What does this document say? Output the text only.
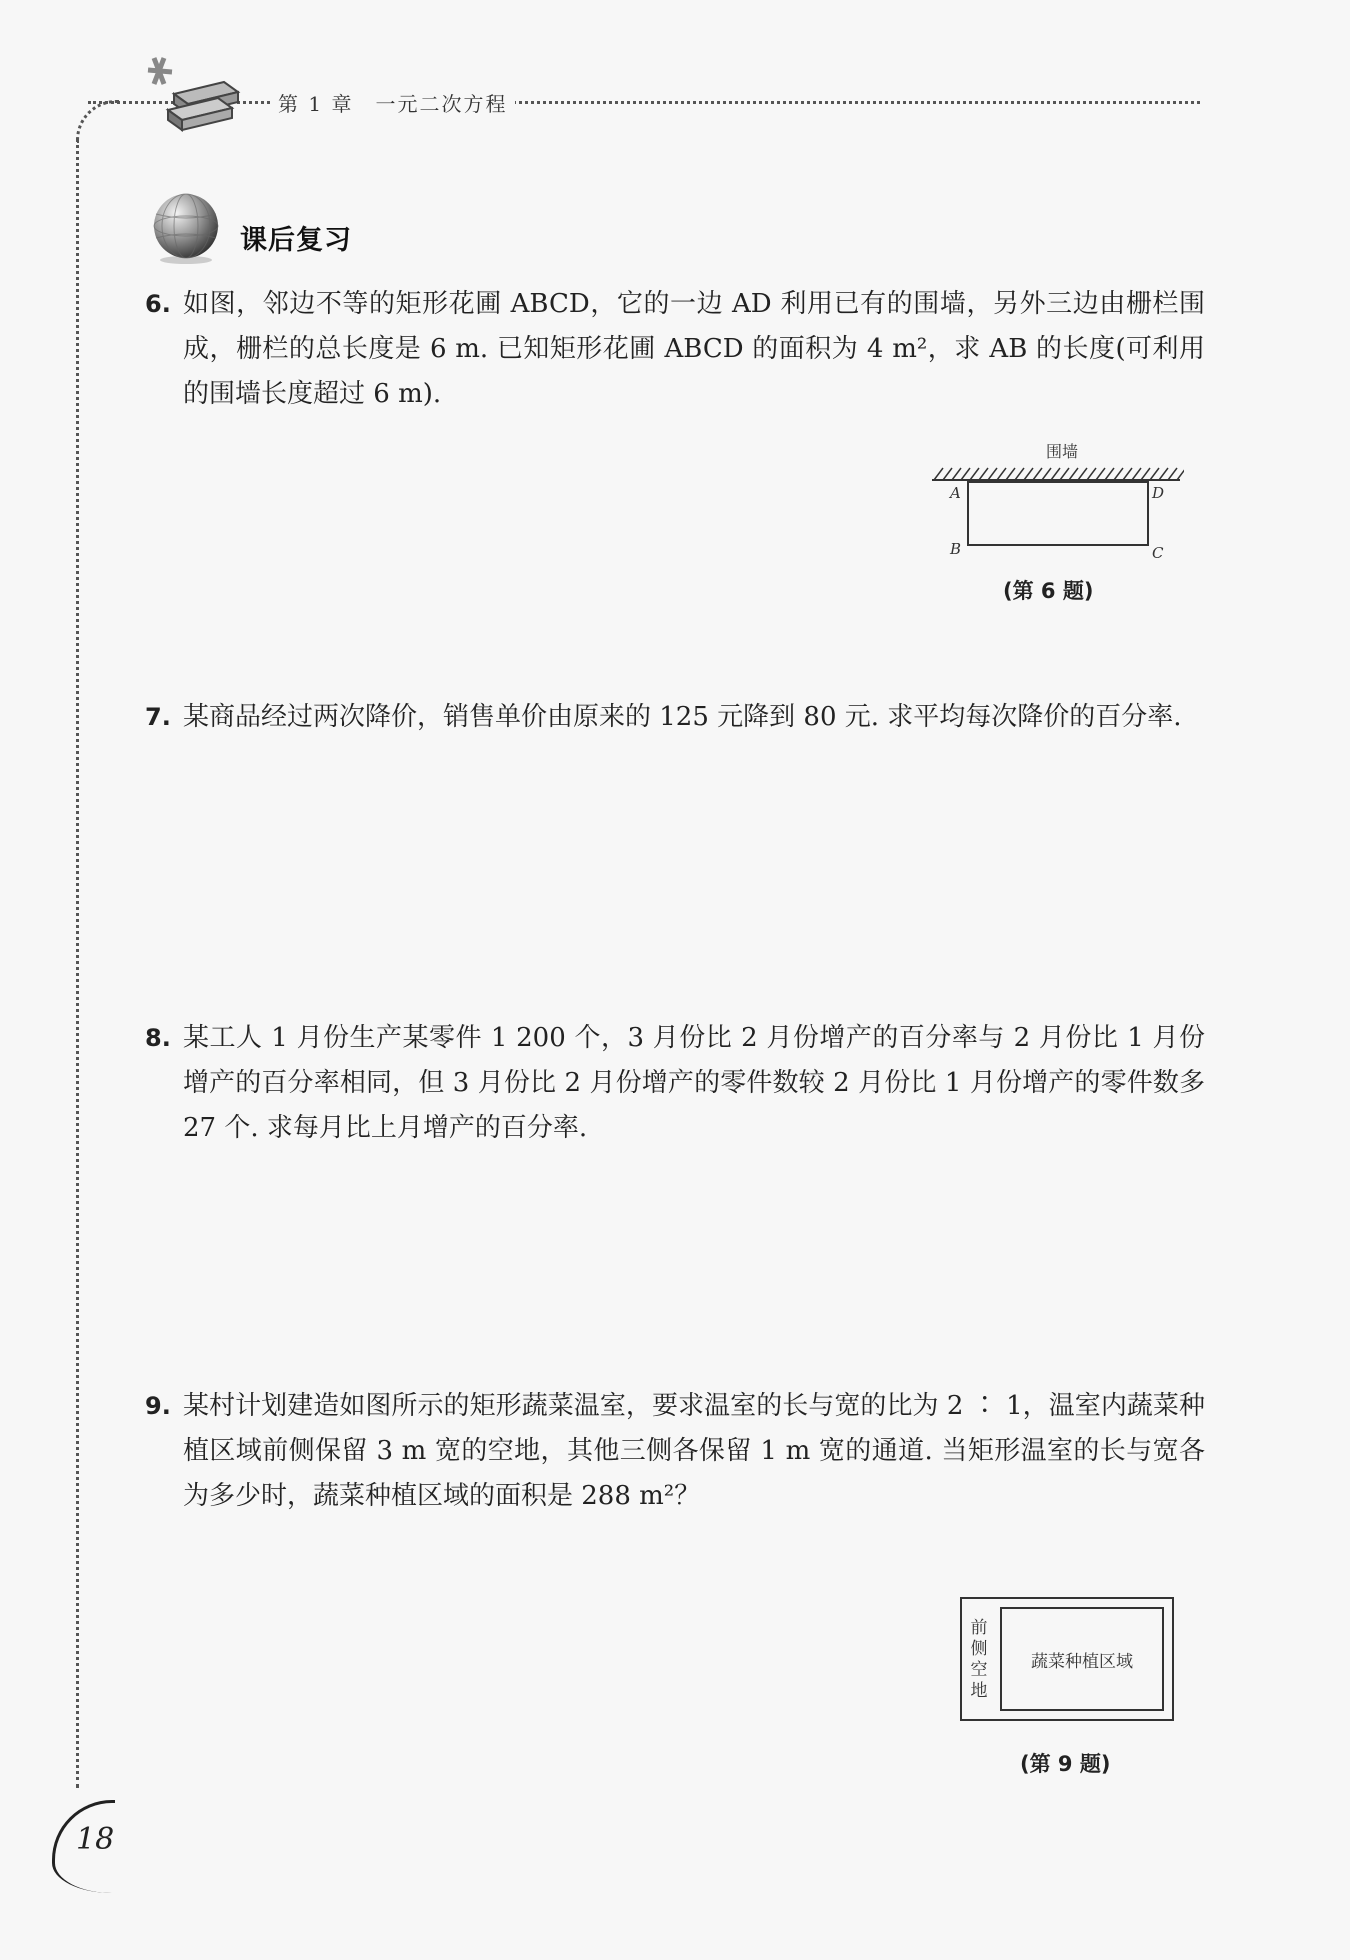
第 1 章 一元二次方程
课后复习
6. 如图，邻边不等的矩形花圃 ABCD，它的一边 AD 利用已有的围墙，另外三边由栅栏围成，栅栏的总长度是 6 m. 已知矩形花圃 ABCD 的面积为 4 m²，求 AB 的长度(可利用的围墙长度超过 6 m).
围墙
A
B	C
D
(第 6 题)
7. 某商品经过两次降价，销售单价由原来的 125 元降到 80 元. 求平均每次降价的百分率.
8. 某工人 1 月份生产某零件 1 200 个，3 月份比 2 月份增产的百分率与 2 月份比 1 月份增产的百分率相同，但 3 月份比 2 月份增产的零件数较 2 月份比 1 月份增产的零件数多 27 个. 求每月比上月增产的百分率.
9. 某村计划建造如图所示的矩形蔬菜温室，要求温室的长与宽的比为 2 ∶ 1，温室内蔬菜种植区域前侧保留 3 m 宽的空地，其他三侧各保留 1 m 宽的通道. 当矩形温室的长与宽各为多少时，蔬菜种植区域的面积是 288 m²？
蔬菜种植区域
前侧空地
(第 9 题)
18
